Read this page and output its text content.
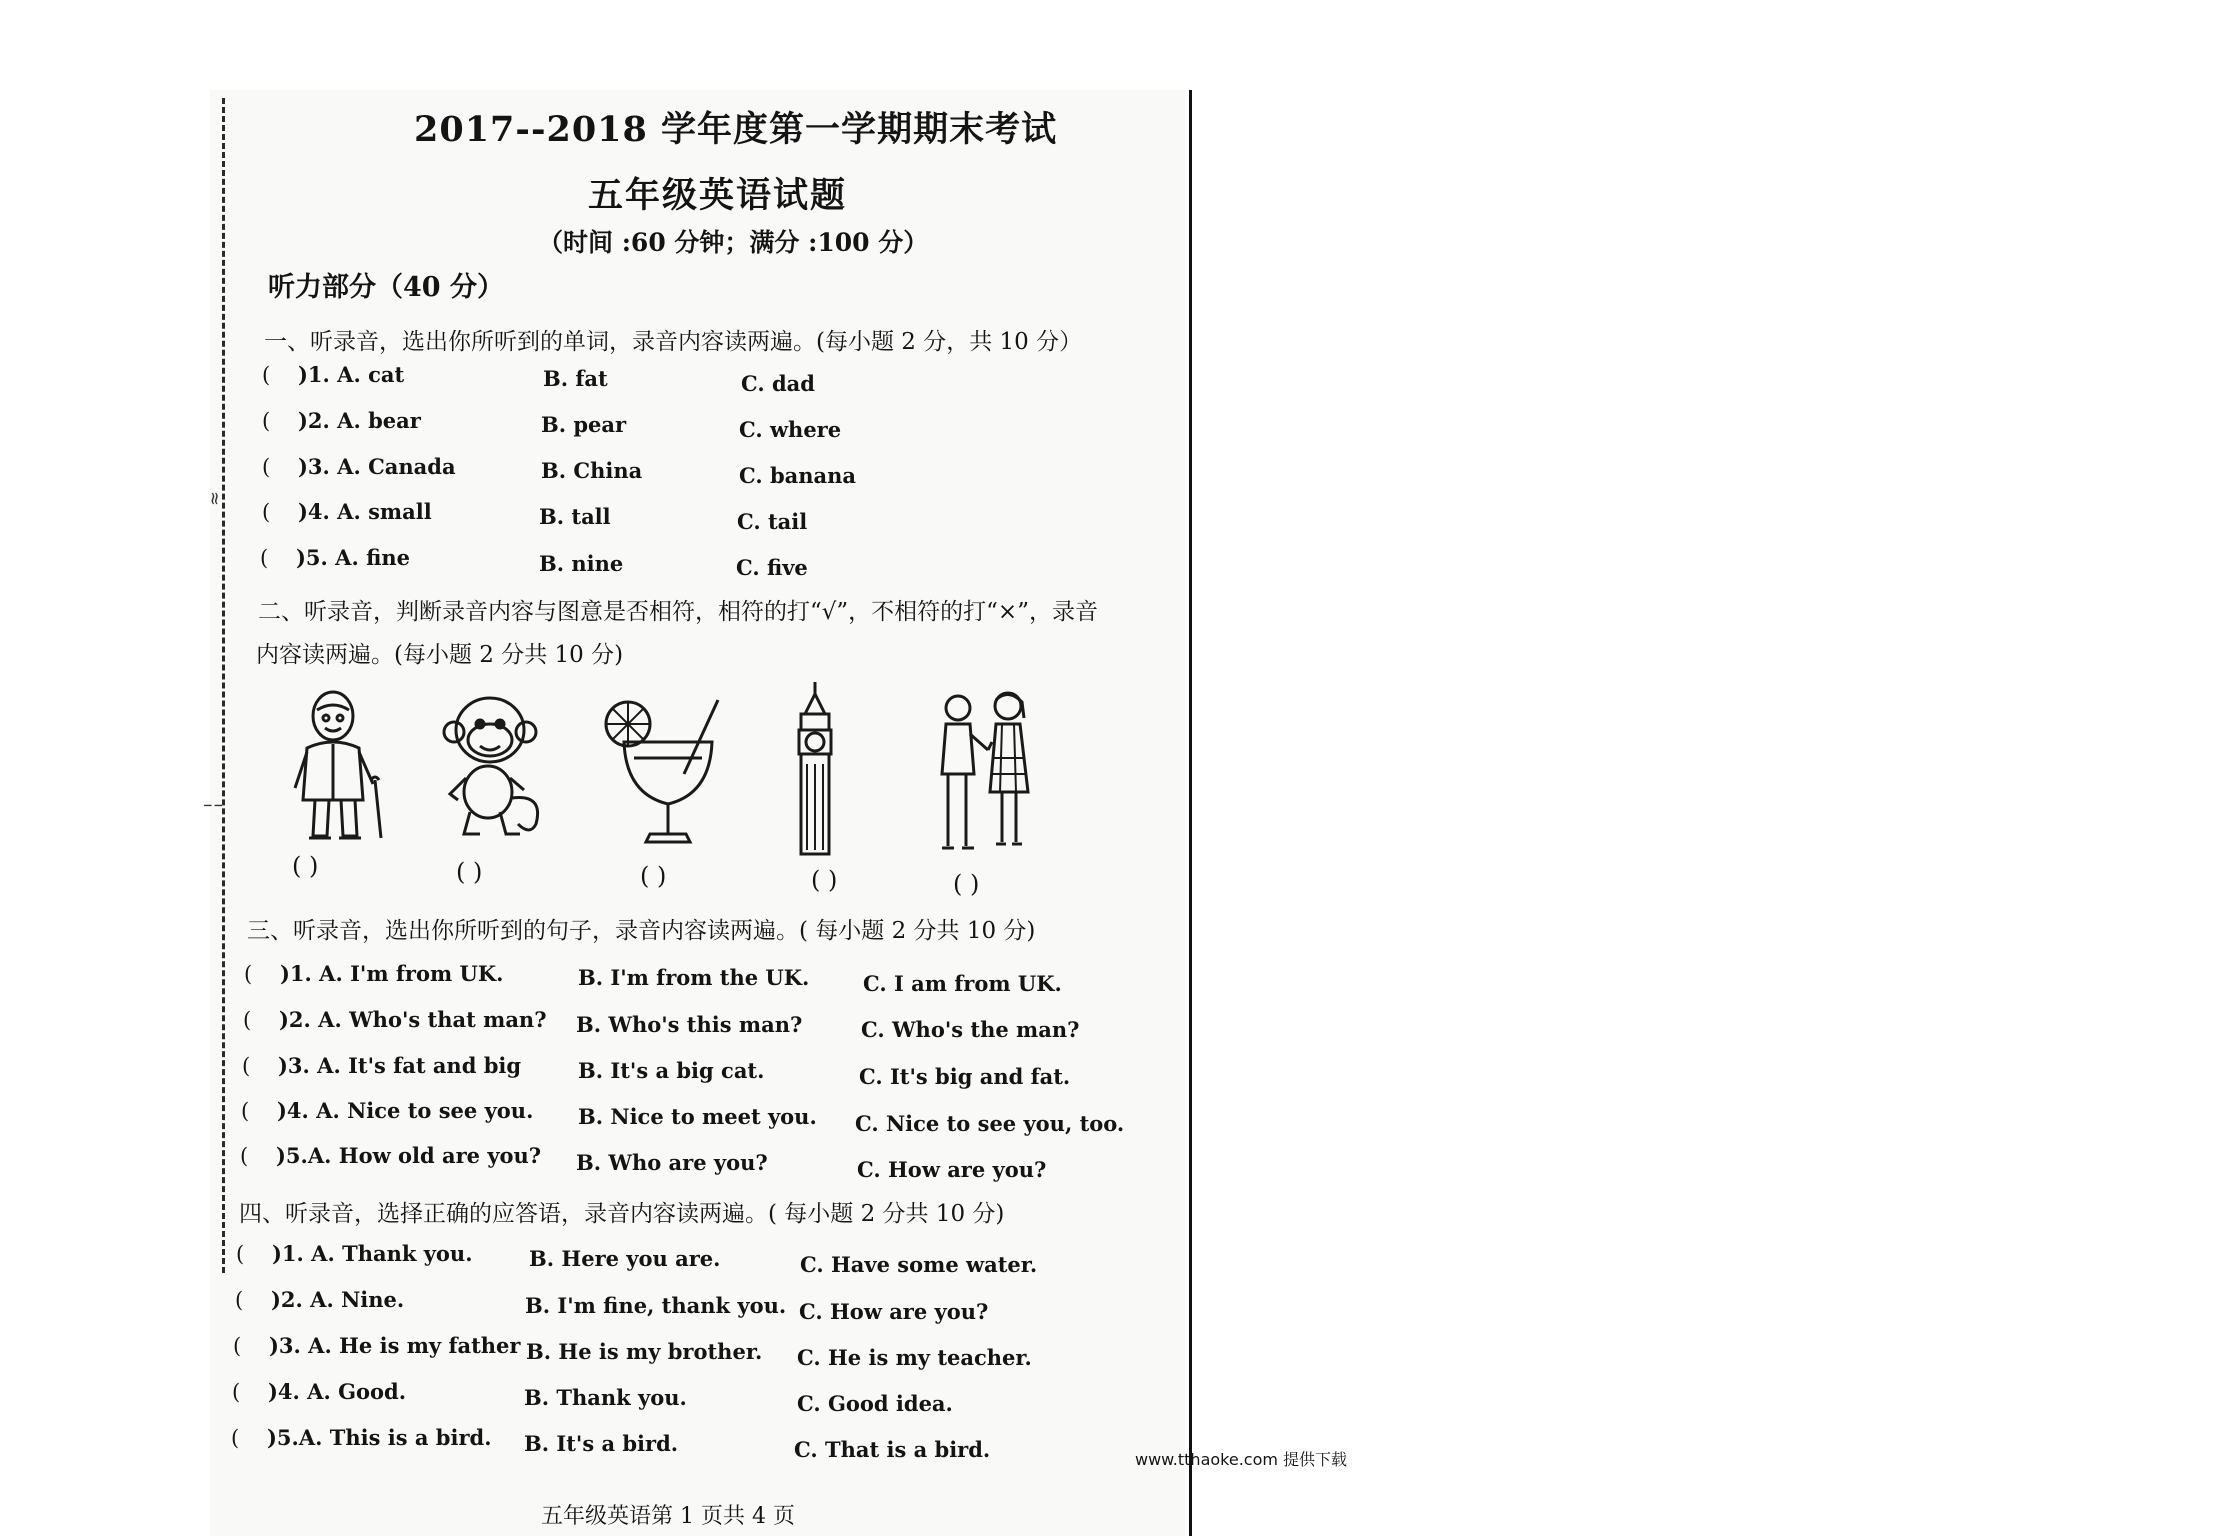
≈
╎
2017--2018 学年度第一学期期末考试
五年级英语试题
（时间 :60 分钟；满分 :100 分）
听力部分（40 分）
一、听录音，选出你所听到的单词，录音内容读两遍。(每小题 2 分，共 10 分）
( )1. A. cat	B. fat	C. dad
( )2. A. bear	B. pear	C. where
( )3. A. Canada	B. China	C. banana
( )4. A. small	B. tall	C. tail
( )5. A. fine	B. nine	C. five
二、听录音，判断录音内容与图意是否相符，相符的打“√”，不相符的打“×”，录音
内容读两遍。(每小题 2 分共 10 分)
( )	( )	( )	( )	( )
三、听录音，选出你所听到的句子，录音内容读两遍。( 每小题 2 分共 10 分)
( )1. A. I'm from UK.	B. I'm from the UK.	C. I am from UK.
( )2. A. Who's that man? B. Who's this man?	C. Who's the man?
( )3. A. It's fat and big	B. It's a big cat.	C. It's big and fat.
( )4. A. Nice to see you. B. Nice to meet you. C. Nice to see you, too.
( )5.A. How old are you? B. Who are you?	C. How are you?
四、听录音，选择正确的应答语，录音内容读两遍。( 每小题 2 分共 10 分)
( )1. A. Thank you.	B. Here you are.	C. Have some water.
( )2. A. Nine.	B. I'm fine, thank you. C. How are you?
( )3. A. He is my father B. He is my brother. C. He is my teacher.
( )4. A. Good.	B. Thank you.	C. Good idea.
( )5.A. This is a bird. B. It's a bird.	C. That is a bird.
五年级英语第 1 页共 4 页
www.tthaoke.com 提供下载
